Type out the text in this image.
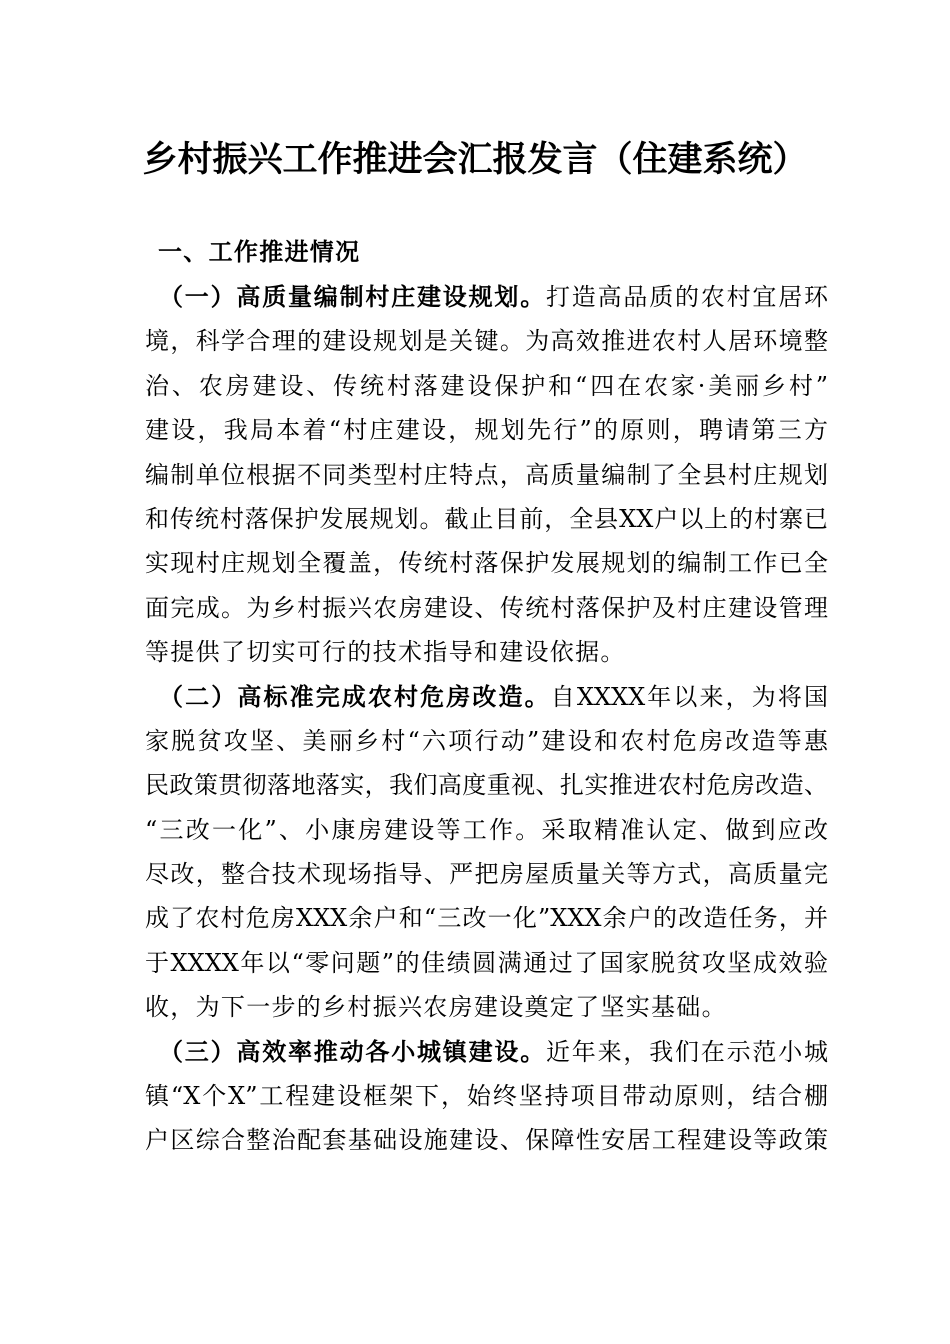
乡村振兴工作推进会汇报发言（住建系统）
一、工作推进情况
（一）高质量编制村庄建设规划。打造高品质的农村宜居环
境，科学合理的建设规划是关键。为高效推进农村人居环境整
治、农房建设、传统村落建设保护和“四在农家·美丽乡村”
建设，我局本着“村庄建设，规划先行”的原则，聘请第三方
编制单位根据不同类型村庄特点，高质量编制了全县村庄规划
和传统村落保护发展规划。截止目前，全县XX户以上的村寨已
实现村庄规划全覆盖，传统村落保护发展规划的编制工作已全
面完成。为乡村振兴农房建设、传统村落保护及村庄建设管理
等提供了切实可行的技术指导和建设依据。
（二）高标准完成农村危房改造。自XXXX年以来，为将国
家脱贫攻坚、美丽乡村“六项行动”建设和农村危房改造等惠
民政策贯彻落地落实，我们高度重视、扎实推进农村危房改造、
“三改一化”、小康房建设等工作。采取精准认定、做到应改
尽改，整合技术现场指导、严把房屋质量关等方式，高质量完
成了农村危房XXX余户和“三改一化”XXX余户的改造任务，并
于XXXX年以“零问题”的佳绩圆满通过了国家脱贫攻坚成效验
收，为下一步的乡村振兴农房建设奠定了坚实基础。
（三）高效率推动各小城镇建设。近年来，我们在示范小城
镇“X个X”工程建设框架下，始终坚持项目带动原则，结合棚
户区综合整治配套基础设施建设、保障性安居工程建设等政策
